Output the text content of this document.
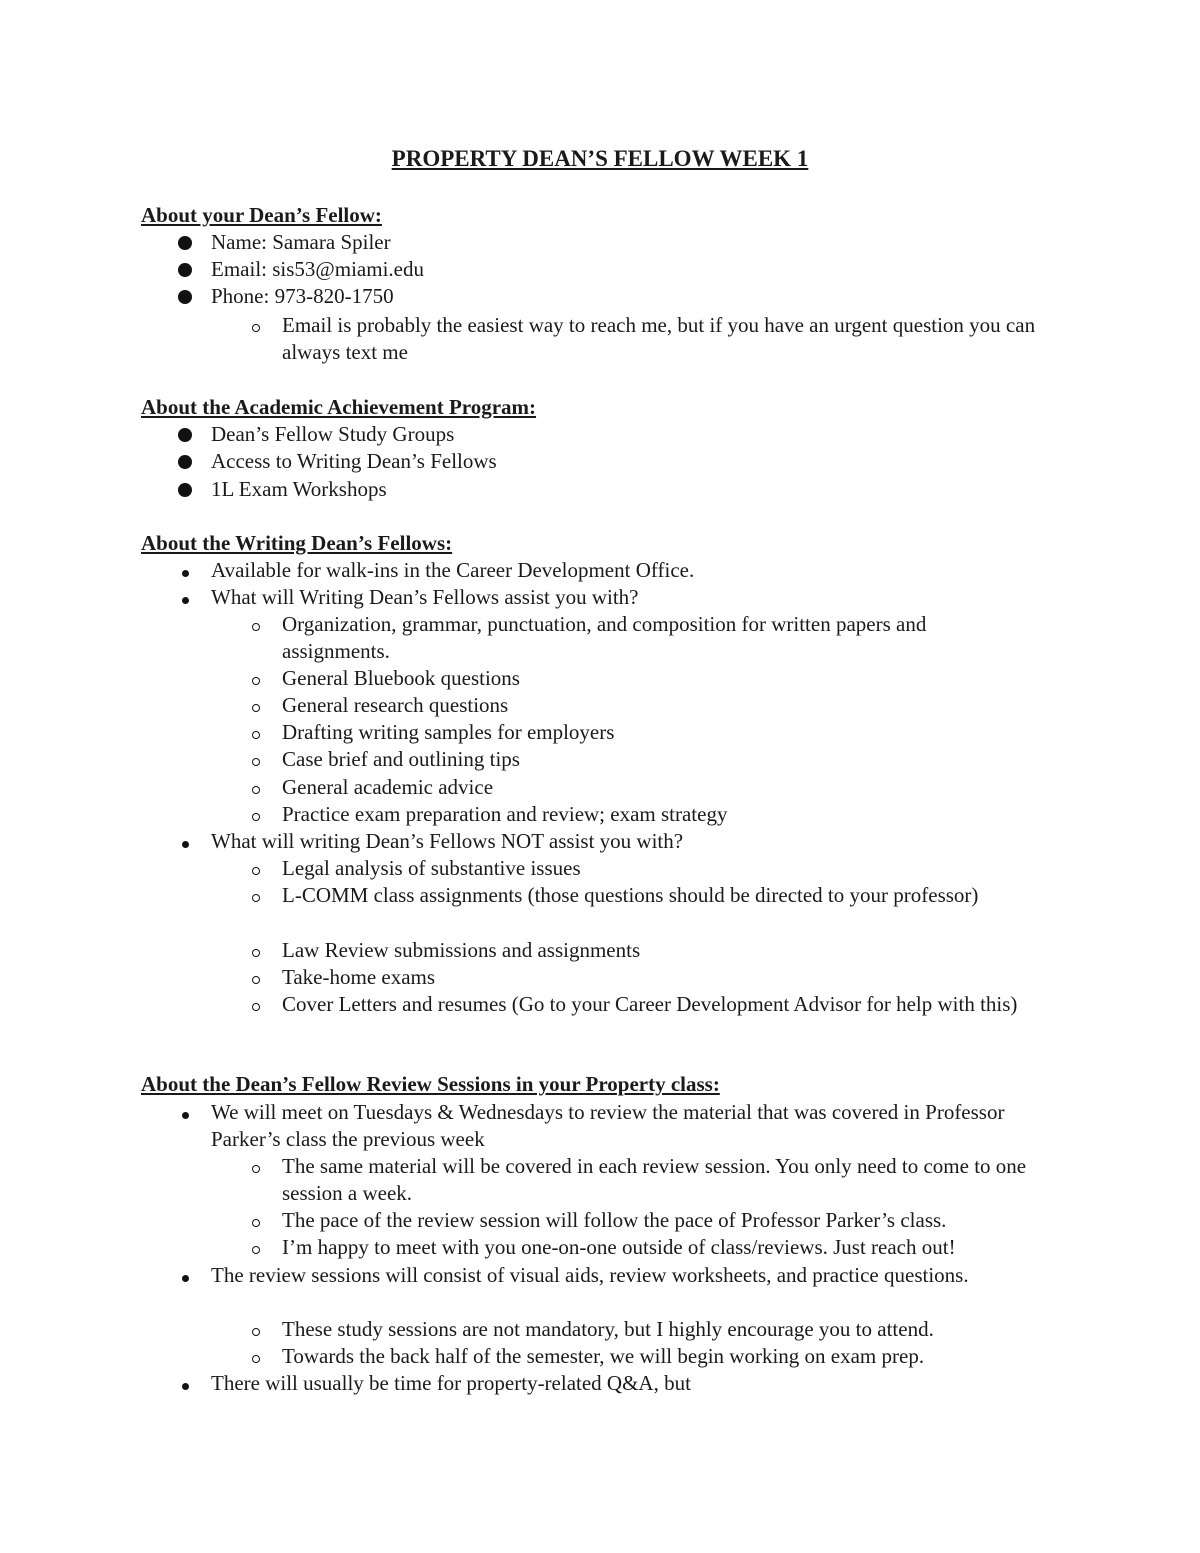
PROPERTY DEAN’S FELLOW WEEK 1
About your Dean’s Fellow:
Name: Samara Spiler
Email: sis53@miami.edu
Phone: 973-820-1750
Email is probably the easiest way to reach me, but if you have an urgent question you can always text me
About the Academic Achievement Program:
Dean’s Fellow Study Groups
Access to Writing Dean’s Fellows
1L Exam Workshops
About the Writing Dean’s Fellows:
Available for walk-ins in the Career Development Office.
What will Writing Dean’s Fellows assist you with?
Organization, grammar, punctuation, and composition for written papers and assignments.
General Bluebook questions
General research questions
Drafting writing samples for employers
Case brief and outlining tips
General academic advice
Practice exam preparation and review; exam strategy
What will writing Dean’s Fellows NOT assist you with?
Legal analysis of substantive issues
L-COMM class assignments (those questions should be directed to your professor)
Law Review submissions and assignments
Take-home exams
Cover Letters and resumes (Go to your Career Development Advisor for help with this)
About the Dean’s Fellow Review Sessions in your Property class:
We will meet on Tuesdays & Wednesdays to review the material that was covered in Professor Parker’s class the previous week
The same material will be covered in each review session. You only need to come to one session a week.
The pace of the review session will follow the pace of Professor Parker’s class.
I’m happy to meet with you one-on-one outside of class/reviews. Just reach out!
The review sessions will consist of visual aids, review worksheets, and practice questions.
These study sessions are not mandatory, but I highly encourage you to attend.
Towards the back half of the semester, we will begin working on exam prep.
There will usually be time for property-related Q&A, but
